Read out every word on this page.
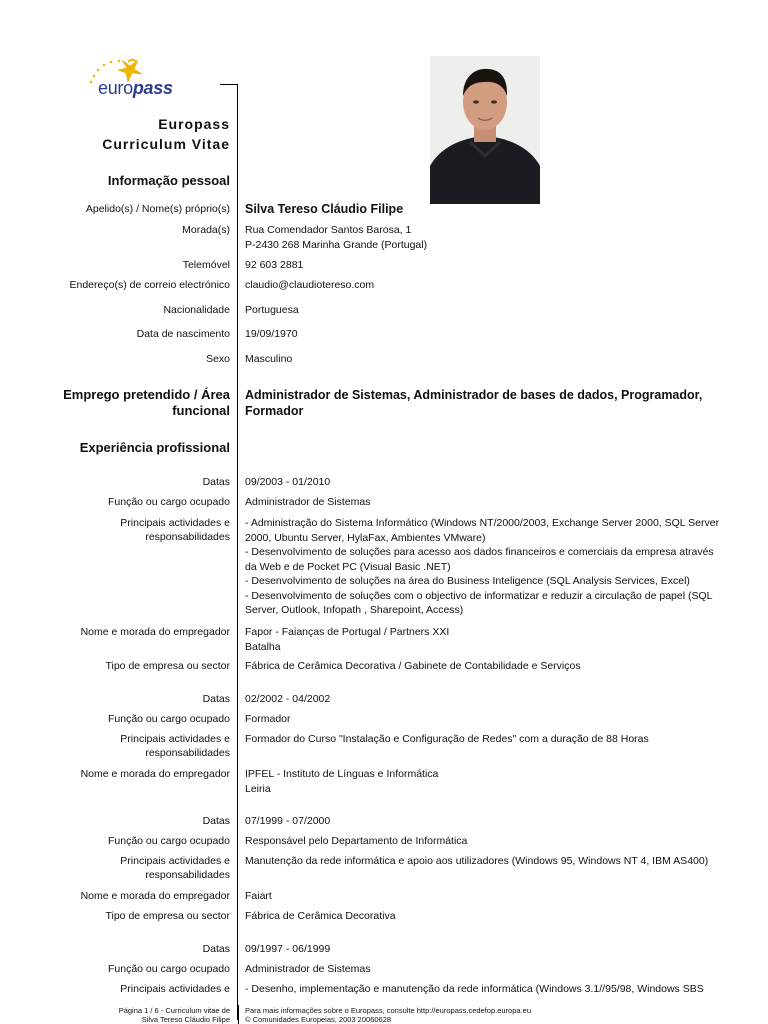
europass
Europass
Curriculum Vitae
Informação pessoal
Apelido(s) / Nome(s) próprio(s) Silva Tereso Cláudio Filipe
Morada(s) Rua Comendador Santos Barosa, 1
P-2430 268 Marinha Grande (Portugal)
Telemóvel 92 603 2881
Endereço(s) de correio electrónico claudio@claudiotereso.com
Nacionalidade Portuguesa
Data de nascimento 19/09/1970
Sexo Masculino
Emprego pretendido / Área
funcional
Administrador de Sistemas, Administrador de bases de dados, Programador,
Formador
Experiência profissional
Datas 09/2003 - 01/2010
Função ou cargo ocupado Administrador de Sistemas
Principais actividades e
responsabilidades
- Administração do Sistema Informático (Windows NT/2000/2003, Exchange Server 2000, SQL Server
2000, Ubuntu Server, HylaFax, Ambientes VMware)
- Desenvolvimento de soluções para acesso aos dados financeiros e comerciais da empresa através
da Web e de Pocket PC (Visual Basic .NET)
- Desenvolvimento de soluções na área do Business Inteligence (SQL Analysis Services, Excel)
- Desenvolvimento de soluções com o objectivo de informatizar e reduzir a circulação de papel (SQL
Server, Outlook, Infopath , Sharepoint, Access)
Nome e morada do empregador Fapor - Faianças de Portugal / Partners XXI
Batalha
Tipo de empresa ou sector Fábrica de Cerâmica Decorativa / Gabinete de Contabilidade e Serviços
Datas 02/2002 - 04/2002
Função ou cargo ocupado Formador
Principais actividades e
responsabilidades
Formador do Curso "Instalação e Configuração de Redes" com a duração de 88 Horas
Nome e morada do empregador IPFEL - Instituto de Línguas e Informática
Leiria
Datas 07/1999 - 07/2000
Função ou cargo ocupado Responsável pelo Departamento de Informática
Principais actividades e
responsabilidades
Manutenção da rede informática e apoio aos utilizadores (Windows 95, Windows NT 4, IBM AS400)
Nome e morada do empregador Faiart
Tipo de empresa ou sector Fábrica de Cerâmica Decorativa
Datas 09/1997 - 06/1999
Função ou cargo ocupado Administrador de Sistemas
Principais actividades e - Desenho, implementação e manutenção da rede informática (Windows 3.1//95/98, Windows SBS
Página 1 / 6 - Curriculum vitae de
Silva Tereso Cláudio Filipe
Para mais informações sobre o Europass, consulte http://europass.cedefop.europa.eu
© Comunidades Europeias, 2003 20060628
